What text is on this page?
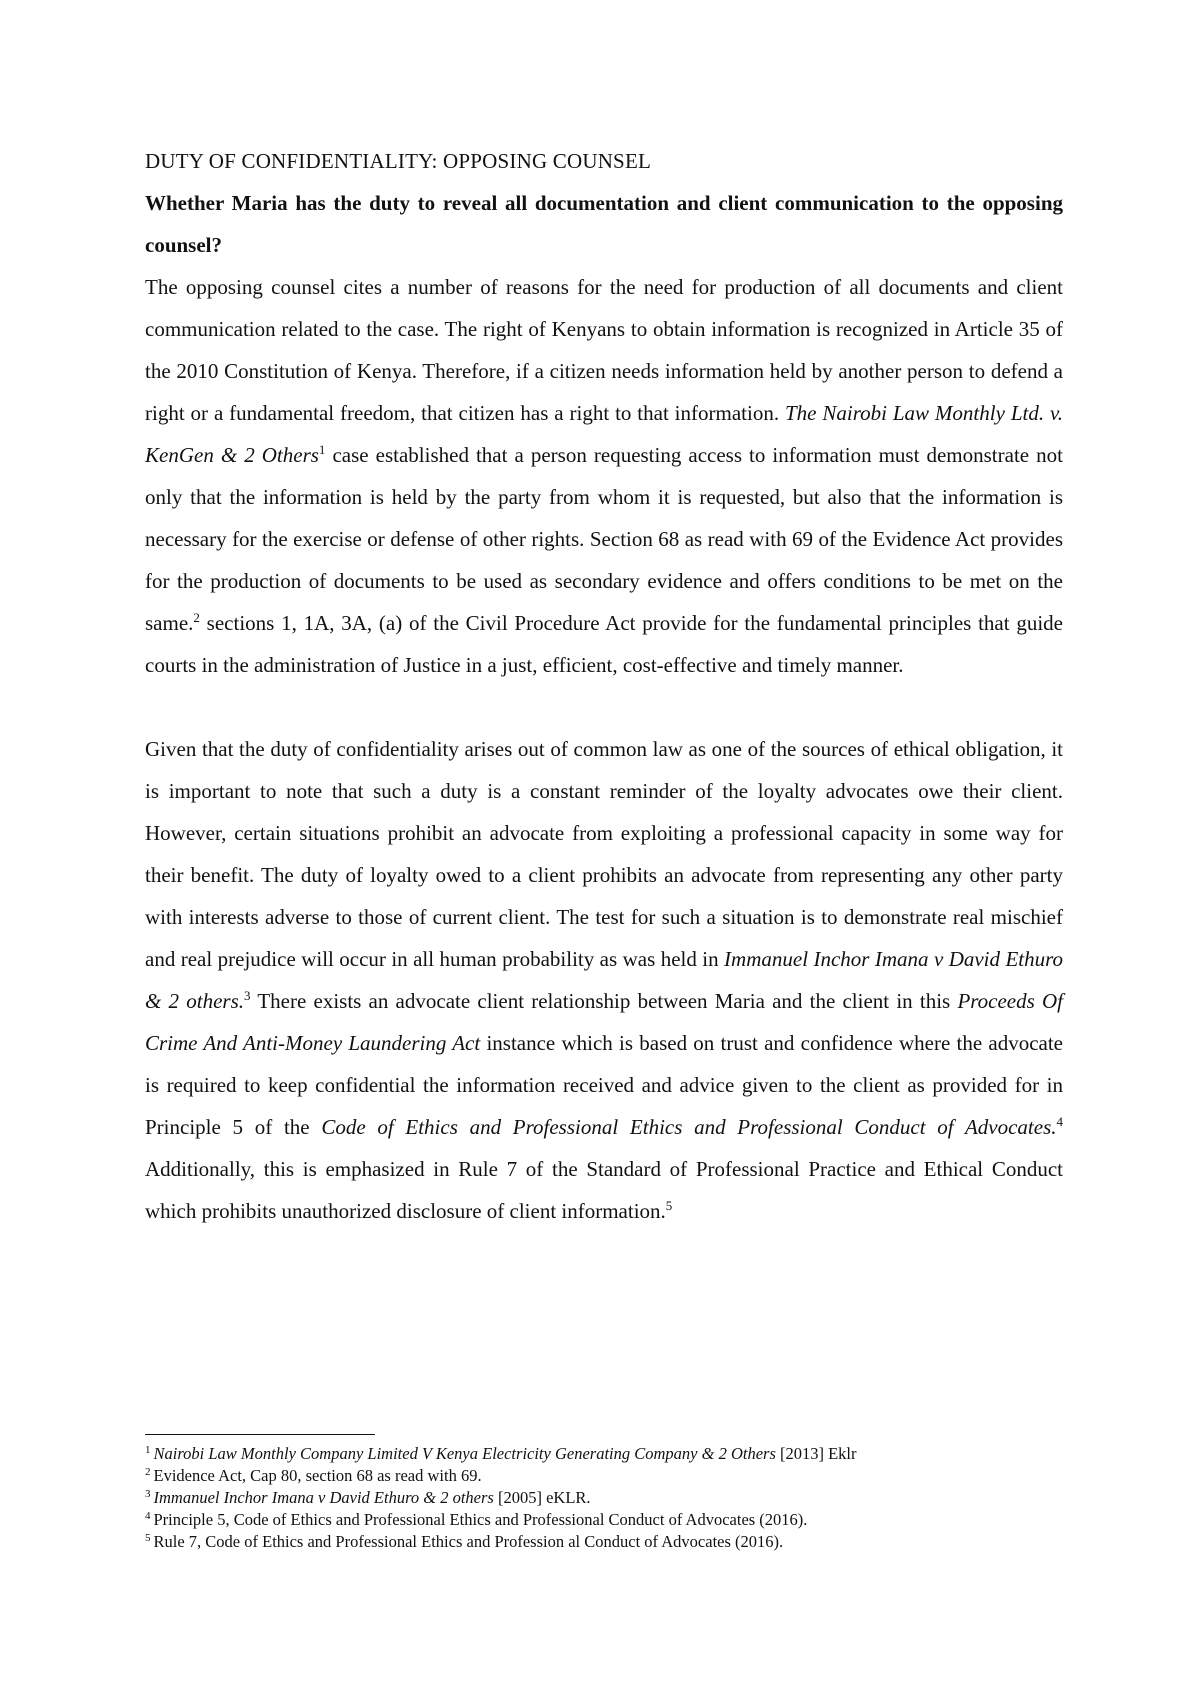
DUTY OF CONFIDENTIALITY: OPPOSING COUNSEL

Whether Maria has the duty to reveal all documentation and client communication to the opposing counsel?

The opposing counsel cites a number of reasons for the need for production of all documents and client communication related to the case. The right of Kenyans to obtain information is recognized in Article 35 of the 2010 Constitution of Kenya. Therefore, if a citizen needs information held by another person to defend a right or a fundamental freedom, that citizen has a right to that information. The Nairobi Law Monthly Ltd. v. KenGen & 2 Others$^1$ case established that a person requesting access to information must demonstrate not only that the information is held by the party from whom it is requested, but also that the information is necessary for the exercise or defense of other rights. Section 68 as read with 69 of the Evidence Act provides for the production of documents to be used as secondary evidence and offers conditions to be met on the same.$^2$ sections 1, 1A, 3A, (a) of the Civil Procedure Act provide for the fundamental principles that guide courts in the administration of Justice in a just, efficient, cost-effective and timely manner.

Given that the duty of confidentiality arises out of common law as one of the sources of ethical obligation, it is important to note that such a duty is a constant reminder of the loyalty advocates owe their client. However, certain situations prohibit an advocate from exploiting a professional capacity in some way for their benefit. The duty of loyalty owed to a client prohibits an advocate from representing any other party with interests adverse to those of current client. The test for such a situation is to demonstrate real mischief and real prejudice will occur in all human probability as was held in Immanuel Inchor Imana v David Ethuro & 2 others.$^3$ There exists an advocate client relationship between Maria and the client in this Proceeds Of Crime And Anti-Money Laundering Act instance which is based on trust and confidence where the advocate is required to keep confidential the information received and advice given to the client as provided for in Principle 5 of the Code of Ethics and Professional Ethics and Professional Conduct of Advocates.$^4$ Additionally, this is emphasized in Rule 7 of the Standard of Professional Practice and Ethical Conduct which prohibits unauthorized disclosure of client information.$^5$

$^1$ Nairobi Law Monthly Company Limited V Kenya Electricity Generating Company & 2 Others [2013] Eklr

$^2$ Evidence Act, Cap 80, section 68 as read with 69.

$^3$ Immanuel Inchor Imana v David Ethuro & 2 others [2005] eKLR.

$^4$ Principle 5, Code of Ethics and Professional Ethics and Professional Conduct of Advocates (2016).

$^5$ Rule 7, Code of Ethics and Professional Ethics and Profession al Conduct of Advocates (2016).
